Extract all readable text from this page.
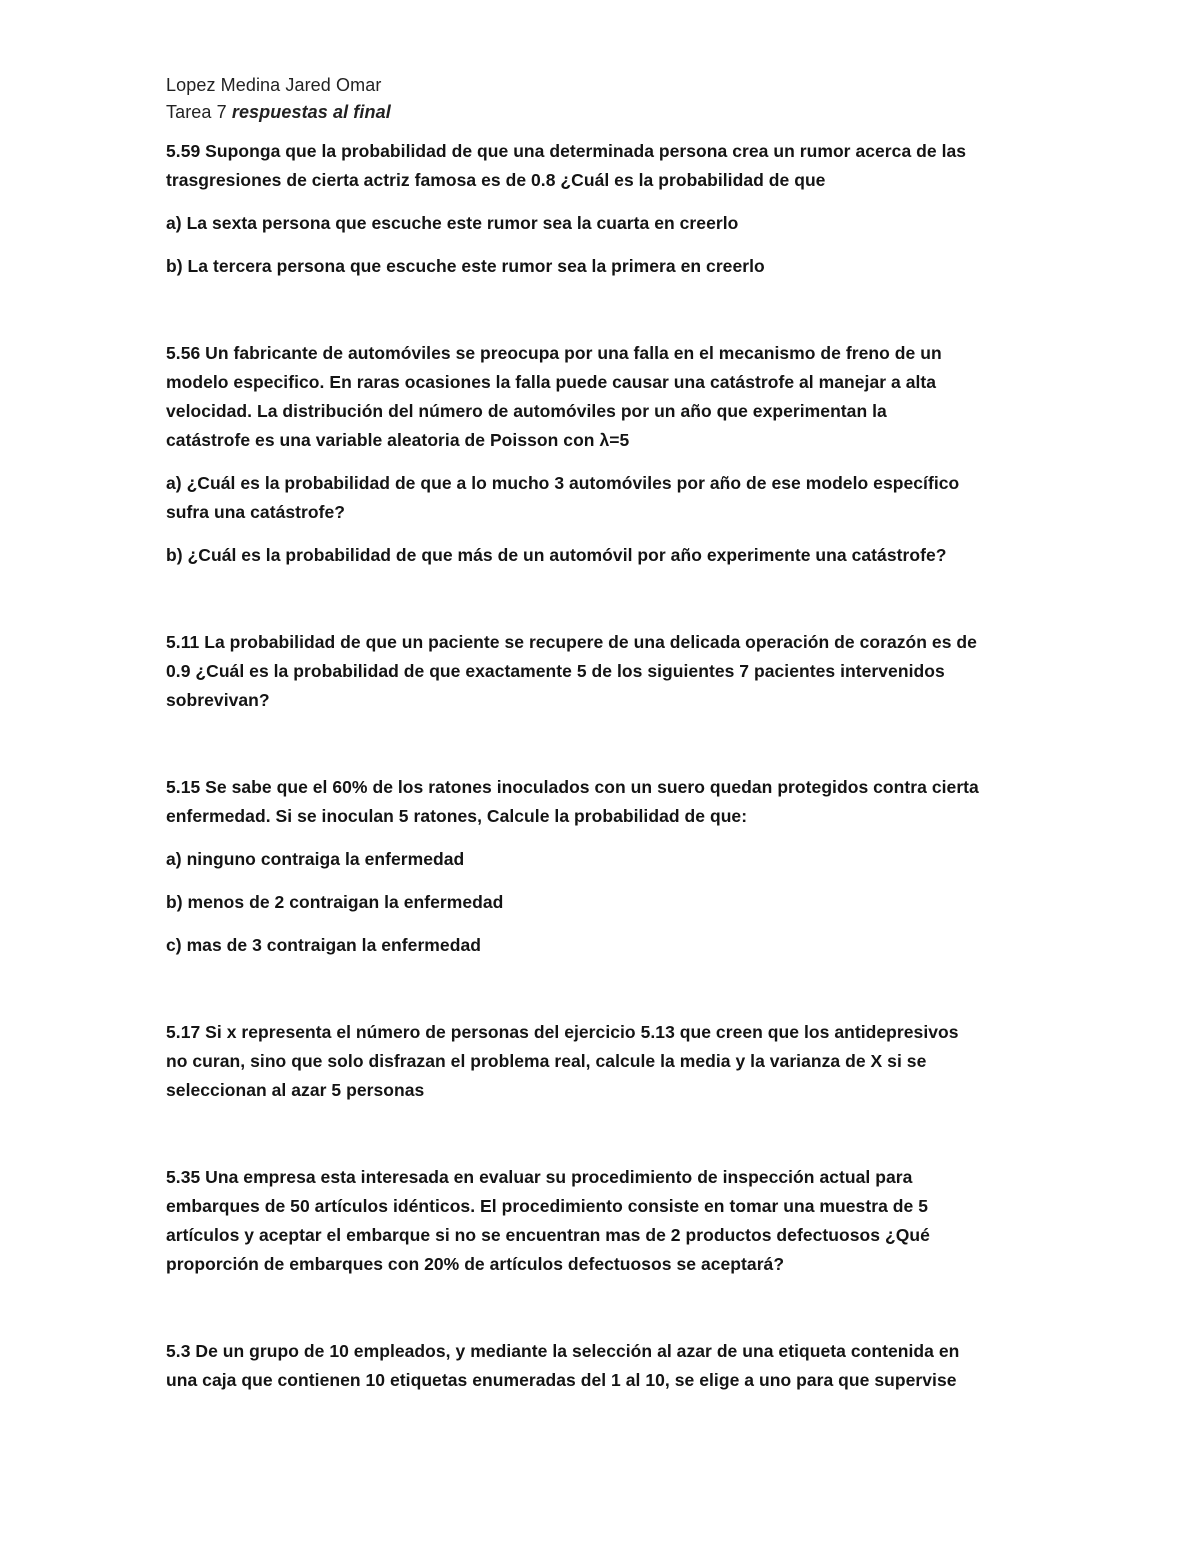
Lopez Medina Jared Omar
Tarea 7 respuestas al final

5.59 Suponga que la probabilidad de que una determinada persona crea un rumor acerca de las

trasgresiones de cierta actriz famosa es de 0.8 ¿Cuál es la probabilidad de que

a) La sexta persona que escuche este rumor sea la cuarta en creerlo

b) La tercera persona que escuche este rumor sea la primera en creerlo

5.56 Un fabricante de automóviles se preocupa por una falla en el mecanismo de freno de un

modelo especifico. En raras ocasiones la falla puede causar una catástrofe al manejar a alta

velocidad. La distribución del número de automóviles por un año que experimentan la

catástrofe es una variable aleatoria de Poisson con λ=5

a) ¿Cuál es la probabilidad de que a lo mucho 3 automóviles por año de ese modelo específico

sufra una catástrofe?

b) ¿Cuál es la probabilidad de que más de un automóvil por año experimente una catástrofe?

5.11 La probabilidad de que un paciente se recupere de una delicada operación de corazón es de

0.9 ¿Cuál es la probabilidad de que exactamente 5 de los siguientes 7 pacientes intervenidos

sobrevivan?

5.15 Se sabe que el 60% de los ratones inoculados con un suero quedan protegidos contra cierta

enfermedad. Si se inoculan 5 ratones, Calcule la probabilidad de que:

a) ninguno contraiga la enfermedad

b) menos de 2 contraigan la enfermedad

c) mas de 3 contraigan la enfermedad

5.17 Si x representa el número de personas del ejercicio 5.13 que creen que los antidepresivos

no curan, sino que solo disfrazan el problema real, calcule la media y la varianza de X si se

seleccionan al azar 5 personas

5.35 Una empresa esta interesada en evaluar su procedimiento de inspección actual para

embarques de 50 artículos idénticos. El procedimiento consiste en tomar una muestra de 5

artículos y aceptar el embarque si no se encuentran mas de 2 productos defectuosos ¿Qué

proporción de embarques con 20% de artículos defectuosos se aceptará?

5.3 De un grupo de 10 empleados, y mediante la selección al azar de una etiqueta contenida en

una caja que contienen 10 etiquetas enumeradas del 1 al 10, se elige a uno para que supervise
